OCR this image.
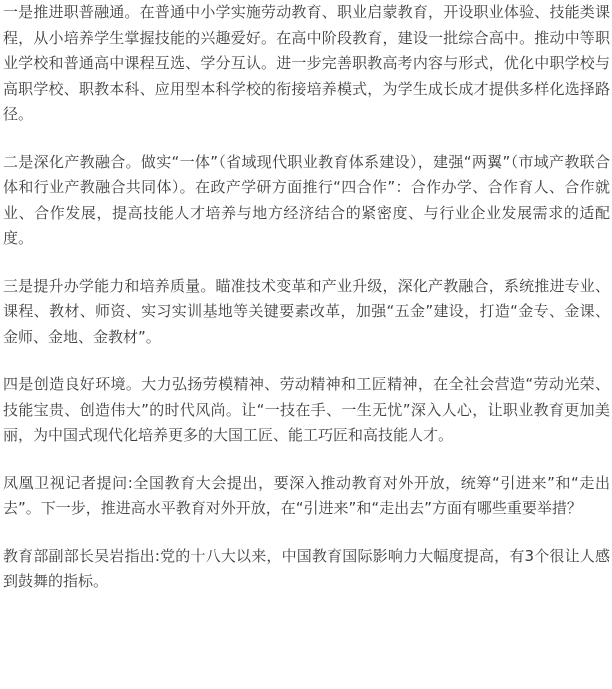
一是推进职普融通。在普通中小学实施劳动教育、职业启蒙教育，开设职业体验、技能类课程，从小培养学生掌握技能的兴趣爱好。在高中阶段教育，建设一批综合高中。推动中等职业学校和普通高中课程互选、学分互认。进一步完善职教高考内容与形式，优化中职学校与高职学校、职教本科、应用型本科学校的衔接培养模式，为学生成长成才提供多样化选择路径。

二是深化产教融合。做实“一体”（省域现代职业教育体系建设），建强“两翼”（市域产教联合体和行业产教融合共同体）。在政产学研方面推行“四合作”：合作办学、合作育人、合作就业、合作发展，提高技能人才培养与地方经济结合的紧密度、与行业企业发展需求的适配度。

三是提升办学能力和培养质量。瞄准技术变革和产业升级，深化产教融合，系统推进专业、课程、教材、师资、实习实训基地等关键要素改革，加强“五金”建设，打造“金专、金课、金师、金地、金教材”。

四是创造良好环境。大力弘扬劳模精神、劳动精神和工匠精神，在全社会营造“劳动光荣、技能宝贵、创造伟大”的时代风尚。让“一技在手、一生无忧”深入人心，让职业教育更加美丽，为中国式现代化培养更多的大国工匠、能工巧匠和高技能人才。

凤凰卫视记者提问:全国教育大会提出，要深入推动教育对外开放，统筹“引进来”和“走出去”。下一步，推进高水平教育对外开放，在“引进来”和“走出去”方面有哪些重要举措？

教育部副部长吴岩指出:党的十八大以来，中国教育国际影响力大幅度提高，有3个很让人感到鼓舞的指标。
